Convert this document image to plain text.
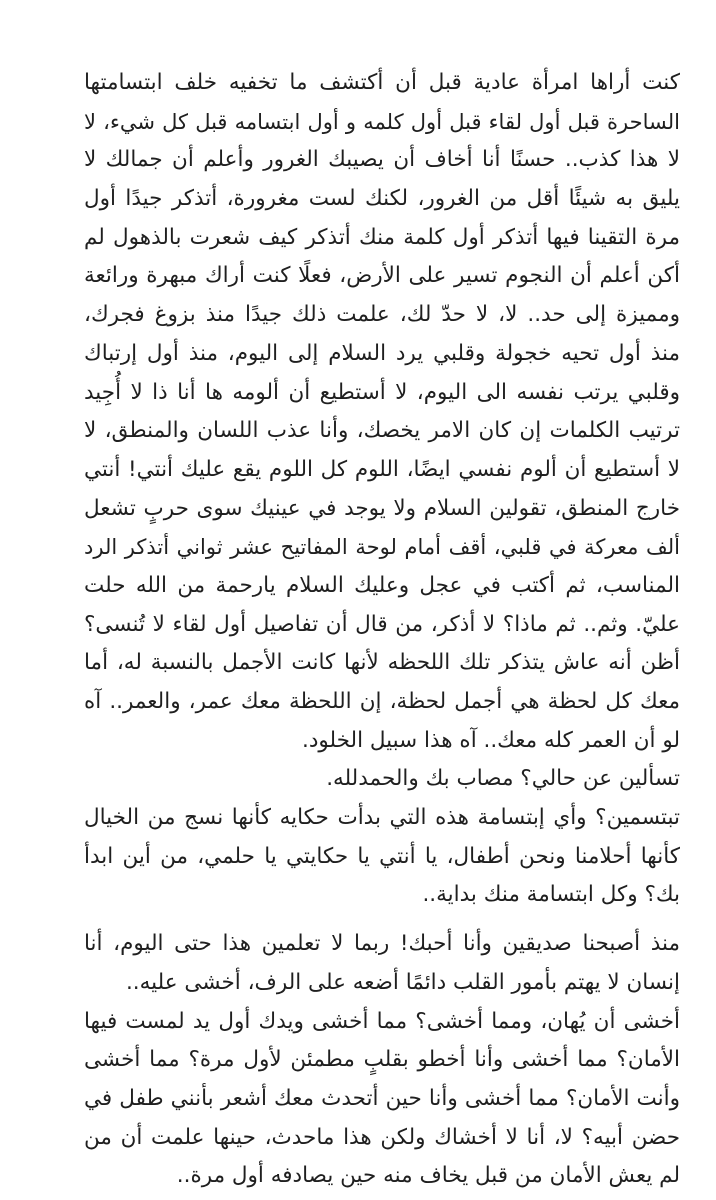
كنت أراها امرأة عادية قبل أن أكتشف ما تخفيه خلف ابتسامتها
الساحرة قبل أول لقاء قبل أول كلمه و أول ابتسامه قبل كل شيء، لا
لا هذا كذب.. حسنًا أنا أخاف أن يصيبك الغرور وأعلم أن جمالك لا
يليق به شيئًا أقل من الغرور، لكنك لست مغرورة، أتذكر جيدًا أول
مرة التقينا فيها أتذكر أول كلمة منك أتذكر كيف شعرت بالذهول لم
أكن أعلم أن النجوم تسير على الأرض، فعلًا كنت أراك مبهرة ورائعة
ومميزة إلى حد.. لا، لا حدّ لك، علمت ذلك جيدًا منذ بزوغ فجرك،
منذ أول تحيه خجولة وقلبي يرد السلام إلى اليوم، منذ أول إرتباك
وقلبي يرتب نفسه الى اليوم، لا أستطيع أن ألومه ها أنا ذا لا أُجِيد
ترتيب الكلمات إن كان الامر يخصك، وأنا عذب اللسان والمنطق، لا
لا أستطيع أن ألوم نفسي ايضًا، اللوم كل اللوم يقع عليك أنتي! أنتي
خارج المنطق، تقولين السلام ولا يوجد في عينيك سوى حربٍ تشعل
ألف معركة في قلبي، أقف أمام لوحة المفاتيح عشر ثواني أتذكر الرد
المناسب، ثم أكتب في عجل وعليك السلام يارحمة من الله حلت
عليّ. وثم.. ثم ماذا؟ لا أذكر، من قال أن تفاصيل أول لقاء لا تُنسى؟
أظن أنه عاش يتذكر تلك اللحظه لأنها كانت الأجمل بالنسبة له، أما
معك كل لحظة هي أجمل لحظة، إن اللحظة معك عمر، والعمر.. آه
لو أن العمر كله معك.. آه هذا سبيل الخلود.
تسألين عن حالي؟ مصاب بك والحمدلله.
تبتسمين؟ وأي إبتسامة هذه التي بدأت حكايه كأنها نسج من الخيال
كأنها أحلامنا ونحن أطفال، يا أنتي يا حكايتي يا حلمي، من أين ابدأ
بك؟ وكل ابتسامة منك بداية..
منذ أصبحنا صديقين وأنا أحبك! ربما لا تعلمين هذا حتى اليوم، أنا
إنسان لا يهتم بأمور القلب دائمًا أضعه على الرف، أخشى عليه..
أخشى أن يُهان، ومما أخشى؟ مما أخشى ويدك أول يد لمست فيها
الأمان؟ مما أخشى وأنا أخطو بقلبٍ مطمئن لأول مرة؟ مما أخشى
وأنت الأمان؟ مما أخشى وأنا حين أتحدث معك أشعر بأنني طفل في
حضن أبيه؟ لا، أنا لا أخشاك ولكن هذا ماحدث، حينها علمت أن من
لم يعش الأمان من قبل يخاف منه حين يصادفه أول مرة..
